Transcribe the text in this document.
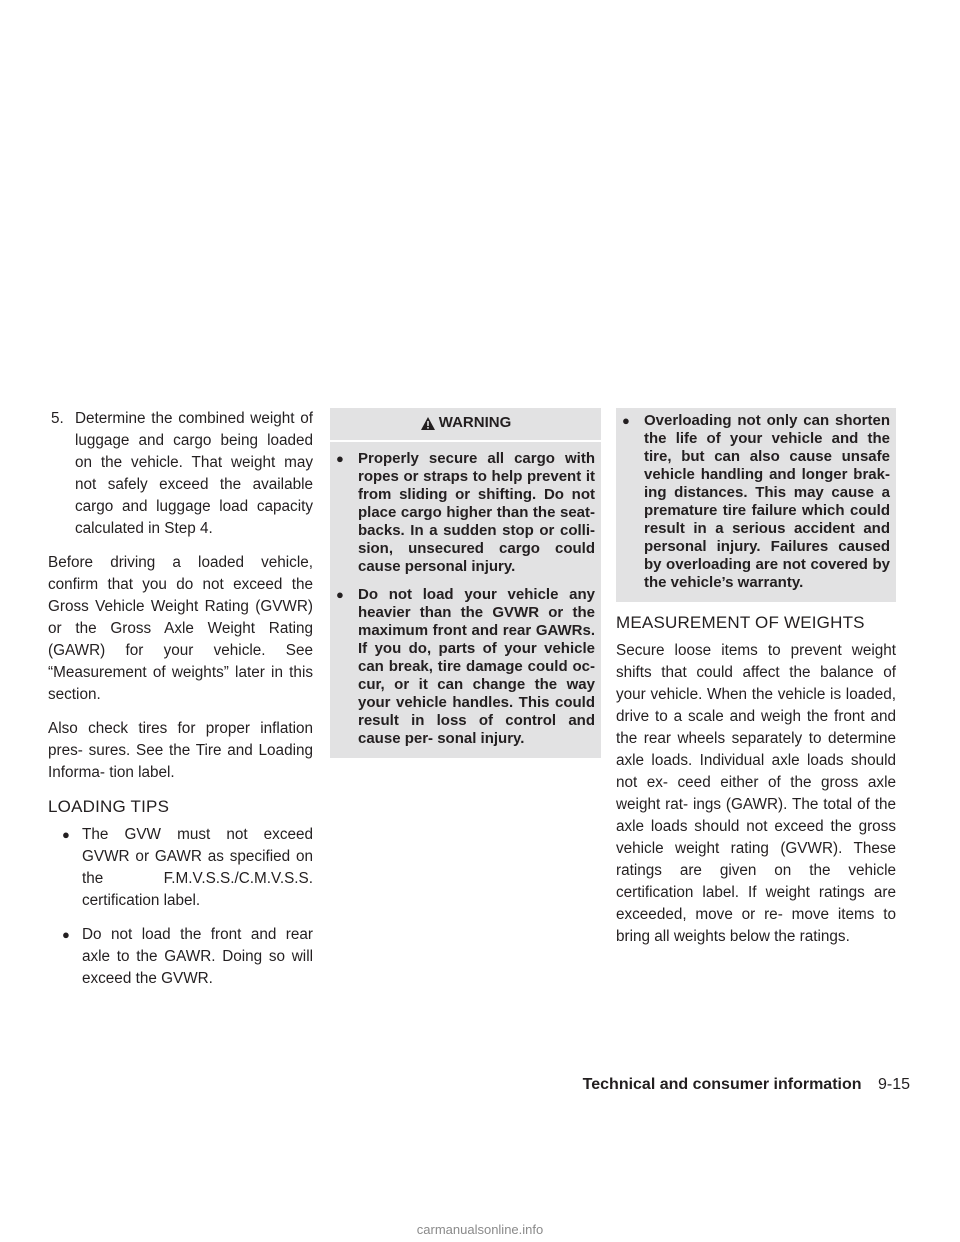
5. Determine the combined weight of luggage and cargo being loaded on the vehicle. That weight may not safely exceed the available cargo and luggage load capacity calculated in Step 4.

Before driving a loaded vehicle, confirm that you do not exceed the Gross Vehicle Weight Rating (GVWR) or the Gross Axle Weight Rating (GAWR) for your vehicle. See “Measurement of weights” later in this section.

Also check tires for proper inflation pres- sures. See the Tire and Loading Informa- tion label.

LOADING TIPS
● The GVW must not exceed GVWR or GAWR as specified on the F.M.V.S.S./C.M.V.S.S. certification label.
● Do not load the front and rear axle to the GAWR. Doing so will exceed the GVWR.
WARNING
● Properly secure all cargo with ropes or straps to help prevent it from sliding or shifting. Do not place cargo higher than the seat- backs. In a sudden stop or colli- sion, unsecured cargo could cause personal injury.
● Do not load your vehicle any heavier than the GVWR or the maximum front and rear GAWRs. If you do, parts of your vehicle can break, tire damage could oc- cur, or it can change the way your vehicle handles. This could result in loss of control and cause per- sonal injury.
● Overloading not only can shorten the life of your vehicle and the tire, but can also cause unsafe vehicle handling and longer brak- ing distances. This may cause a premature tire failure which could result in a serious accident and personal injury. Failures caused by overloading are not covered by the vehicle’s warranty.
MEASUREMENT OF WEIGHTS

Secure loose items to prevent weight shifts that could affect the balance of your vehicle. When the vehicle is loaded, drive to a scale and weigh the front and the rear wheels separately to determine axle loads. Individual axle loads should not ex- ceed either of the gross axle weight rat- ings (GAWR). The total of the axle loads should not exceed the gross vehicle weight rating (GVWR). These ratings are given on the vehicle certification label. If weight ratings are exceeded, move or re- move items to bring all weights below the ratings.

Technical and consumer information 9-15
carmanualsonline.info
